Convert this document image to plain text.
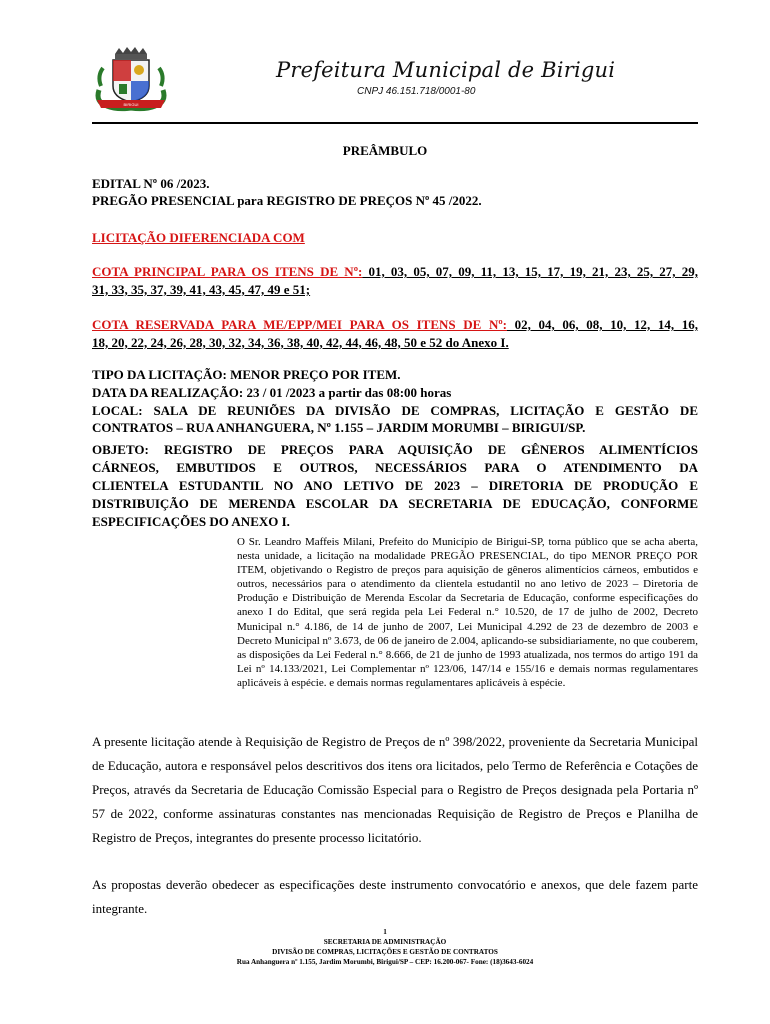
BIRIGUI
Prefeitura Municipal de Birigui
CNPJ 46.151.718/0001-80
PREÂMBULO
EDITAL Nº 06 /2023.
PREGÃO PRESENCIAL para REGISTRO DE PREÇOS Nº 45 /2022.
LICITAÇÃO DIFERENCIADA COM
COTA PRINCIPAL PARA OS ITENS DE Nº: 01, 03, 05, 07, 09, 11, 13, 15, 17, 19, 21, 23, 25, 27, 29,
31, 33, 35, 37, 39, 41, 43, 45, 47, 49 e 51;
COTA RESERVADA PARA ME/EPP/MEI PARA OS ITENS DE Nº: 02, 04, 06, 08, 10, 12, 14, 16,
18, 20, 22, 24, 26, 28, 30, 32, 34, 36, 38, 40, 42, 44, 46, 48, 50 e 52 do Anexo I.
TIPO DA LICITAÇÃO: MENOR PREÇO POR ITEM.
DATA DA REALIZAÇÃO: 23 / 01 /2023 a partir das 08:00 horas
LOCAL: SALA DE REUNIÕES DA DIVISÃO DE COMPRAS, LICITAÇÃO E GESTÃO DE
CONTRATOS – RUA ANHANGUERA, Nº 1.155 – JARDIM MORUMBI – BIRIGUI/SP.
OBJETO: REGISTRO DE PREÇOS PARA AQUISIÇÃO DE GÊNEROS ALIMENTÍCIOS
CÁRNEOS, EMBUTIDOS E OUTROS, NECESSÁRIOS PARA O ATENDIMENTO DA
CLIENTELA ESTUDANTIL NO ANO LETIVO DE 2023 – DIRETORIA DE PRODUÇÃO E
DISTRIBUIÇÃO DE MERENDA ESCOLAR DA SECRETARIA DE EDUCAÇÃO, CONFORME
ESPECIFICAÇÕES DO ANEXO I.
O Sr. Leandro Maffeis Milani, Prefeito do Município de Birigui-SP, torna público que se acha aberta, nesta unidade, a licitação na modalidade PREGÃO PRESENCIAL, do tipo MENOR PREÇO POR ITEM, objetivando o Registro de preços para aquisição de gêneros alimentícios cárneos, embutidos e outros, necessários para o atendimento da clientela estudantil no ano letivo de 2023 – Diretoria de Produção e Distribuição de Merenda Escolar da Secretaria de Educação, conforme especificações do anexo I do Edital, que será regida pela Lei Federal n.° 10.520, de 17 de julho de 2002, Decreto Municipal n.° 4.186, de 14 de junho de 2007, Lei Municipal 4.292 de 23 de dezembro de 2003 e Decreto Municipal nº 3.673, de 06 de janeiro de 2.004, aplicando-se subsidiariamente, no que couberem, as disposições da Lei Federal n.° 8.666, de 21 de junho de 1993 atualizada, nos termos do artigo 191 da Lei nº 14.133/2021, Lei Complementar nº 123/06, 147/14 e 155/16 e demais normas regulamentares aplicáveis à espécie. e demais normas regulamentares aplicáveis à espécie.
A presente licitação atende à Requisição de Registro de Preços de nº 398/2022, proveniente da Secretaria Municipal de Educação, autora e responsável pelos descritivos dos itens ora licitados, pelo Termo de Referência e Cotações de Preços, através da Secretaria de Educação Comissão Especial para o Registro de Preços designada pela Portaria nº 57 de 2022, conforme assinaturas constantes nas mencionadas Requisição de Registro de Preços e Planilha de Registro de Preços, integrantes do presente processo licitatório.
As propostas deverão obedecer as especificações deste instrumento convocatório e anexos, que dele fazem parte integrante.
1
SECRETARIA DE ADMINISTRAÇÃO
DIVISÃO DE COMPRAS, LICITAÇÕES E GESTÃO DE CONTRATOS
Rua Anhanguera nº 1.155, Jardim Morumbi, Birigui/SP – CEP: 16.200-067- Fone: (18)3643-6024
